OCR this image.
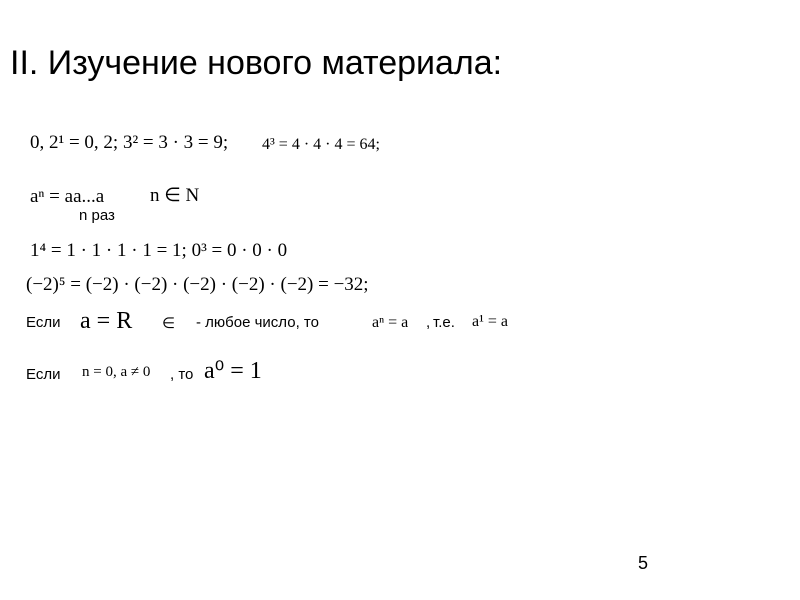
II. Изучение нового материала:
0, 2¹ = 0, 2; 3² = 3 · 3 = 9; 4³ = 4 · 4 · 4 = 64;
aⁿ = aa...a n ∈ N
n раз
1⁴ = 1 · 1 · 1 · 1 = 1; 0³ = 0 · 0 · 0
(−2)⁵ = (−2) · (−2) · (−2) · (−2) · (−2) = −32;
Если a = R ∈ - любое число, то	aⁿ = a , т.е. a¹ = a
Если n = 0, a ≠ 0 , то a⁰ = 1
5
